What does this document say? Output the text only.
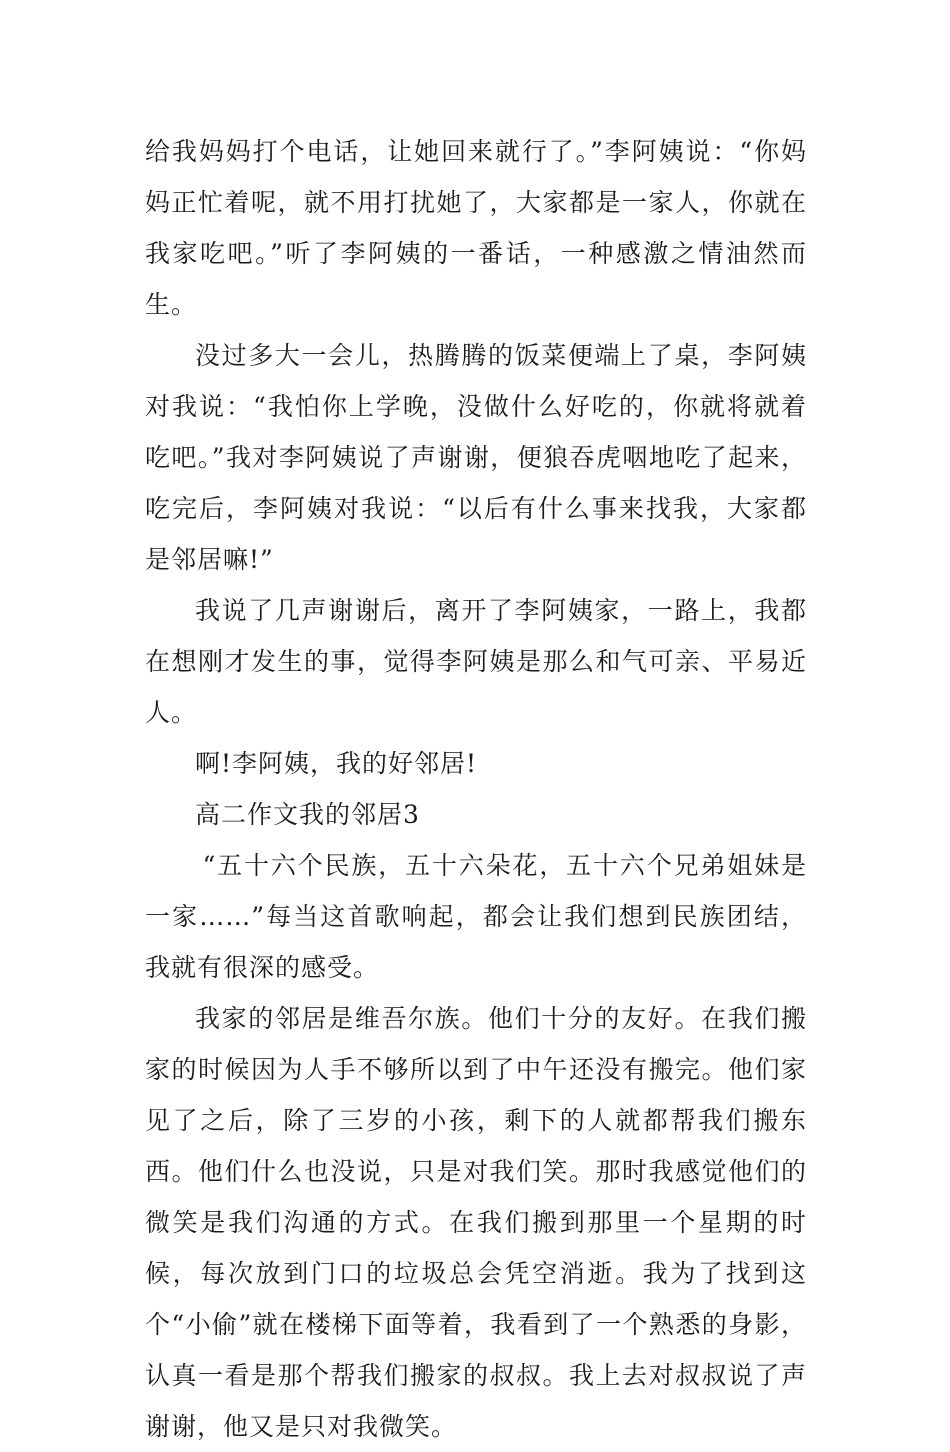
给我妈妈打个电话，让她回来就行了。”李阿姨说：“你妈妈正忙着呢，就不用打扰她了，大家都是一家人，你就在我家吃吧。”听了李阿姨的一番话，一种感激之情油然而生。

没过多大一会儿，热腾腾的饭菜便端上了桌，李阿姨对我说：“我怕你上学晚，没做什么好吃的，你就将就着吃吧。”我对李阿姨说了声谢谢，便狼吞虎咽地吃了起来，吃完后，李阿姨对我说：“以后有什么事来找我，大家都是邻居嘛!”

我说了几声谢谢后，离开了李阿姨家，一路上，我都在想刚才发生的事，觉得李阿姨是那么和气可亲、平易近人。

啊!李阿姨，我的好邻居!

高二作文我的邻居3

“五十六个民族，五十六朵花，五十六个兄弟姐妹是一家……”每当这首歌响起，都会让我们想到民族团结，我就有很深的感受。

我家的邻居是维吾尔族。他们十分的友好。在我们搬家的时候因为人手不够所以到了中午还没有搬完。他们家见了之后，除了三岁的小孩，剩下的人就都帮我们搬东西。他们什么也没说，只是对我们笑。那时我感觉他们的微笑是我们沟通的方式。在我们搬到那里一个星期的时候，每次放到门口的垃圾总会凭空消逝。我为了找到这个“小偷”就在楼梯下面等着，我看到了一个熟悉的身影，认真一看是那个帮我们搬家的叔叔。我上去对叔叔说了声谢谢，他又是只对我微笑。
